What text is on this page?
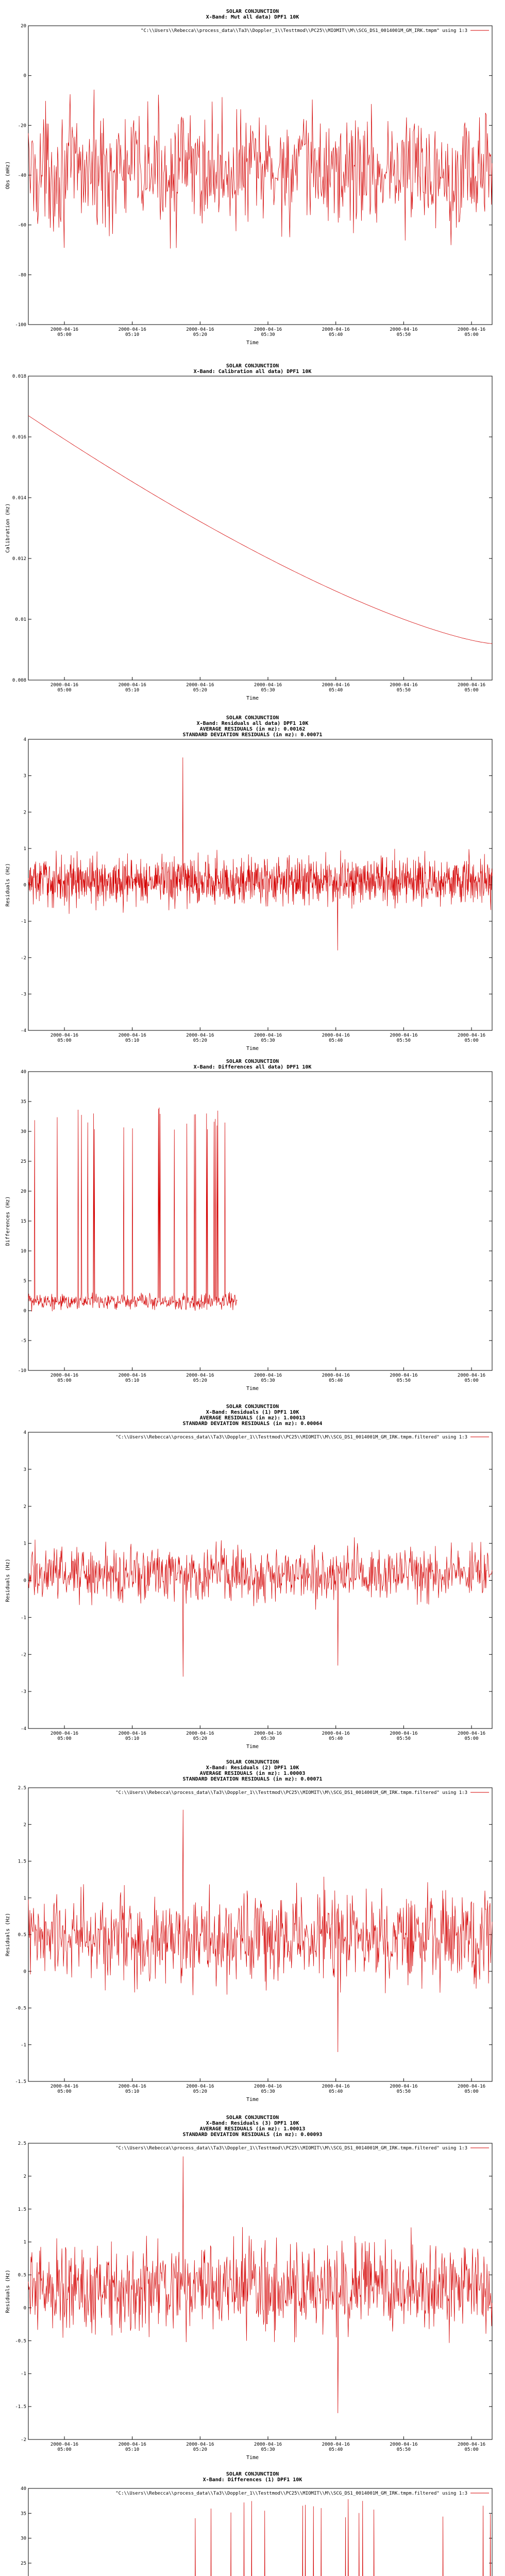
SOLAR CONJUNCTION
X-Band: Mut all data) DPF1 10K
"C:\\Users\\Rebecca\\process_data\\Ta3\\Doppler_1\\Testtmod\\PC25\\MIOMIT\\M\\SCG_DS1_0014001M_GM_IRK.tmpm" using 1:3
20
0
-20
-40
-60
-80
-100
2000-04-16
05:00
2000-04-16
05:10
2000-04-16
05:20
2000-04-16
05:30
2000-04-16
05:40
2000-04-16
05:50
2000-04-16
05:00
Obs (mHz)
Time
SOLAR CONJUNCTION
X-Band: Calibration all data) DPF1 10K
0.018
0.016
0.014
0.012
0.01
0.008
2000-04-16
05:00
2000-04-16
05:10
2000-04-16
05:20
2000-04-16
05:30
2000-04-16
05:40
2000-04-16
05:50
2000-04-16
05:00
Calibration (Hz)
Time
SOLAR CONJUNCTION
X-Band: Residuals all data) DPF1 10K
AVERAGE RESIDUALS (in mz): 0.00162
STANDARD DEVIATION RESIDUALS (in mz): 0.00071
4
3
2
1
0
-1
-2
-3
-4
2000-04-16
05:00
2000-04-16
05:10
2000-04-16
05:20
2000-04-16
05:30
2000-04-16
05:40
2000-04-16
05:50
2000-04-16
05:00
Residuals (Hz)
Time
SOLAR CONJUNCTION
X-Band: Differences all data) DPF1 10K
40
35
30
25
20
15
10
5
0
-5
-10
2000-04-16
05:00
2000-04-16
05:10
2000-04-16
05:20
2000-04-16
05:30
2000-04-16
05:40
2000-04-16
05:50
2000-04-16
05:00
Differences (Hz)
Time
SOLAR CONJUNCTION
X-Band: Residuals (1) DPF1 10K
AVERAGE RESIDUALS (in mz): 1.00013
STANDARD DEVIATION RESIDUALS (in mz): 0.00064
"C:\\Users\\Rebecca\\process_data\\Ta3\\Doppler_1\\Testtmod\\PC25\\MIOMIT\\M\\SCG_DS1_0014001M_GM_IRK.tmpm.filtered" using 1:3
4
3
2
1
0
-1
-2
-3
-4
2000-04-16
05:00
2000-04-16
05:10
2000-04-16
05:20
2000-04-16
05:30
2000-04-16
05:40
2000-04-16
05:50
2000-04-16
05:00
Residuals (Hz)
Time
SOLAR CONJUNCTION
X-Band: Residuals (2) DPF1 10K
AVERAGE RESIDUALS (in mz): 1.00003
STANDARD DEVIATION RESIDUALS (in mz): 0.00071
"C:\\Users\\Rebecca\\process_data\\Ta3\\Doppler_1\\Testtmod\\PC25\\MIOMIT\\M\\SCG_DS1_0014001M_GM_IRK.tmpm.filtered" using 1:3
2.5
2
1.5
1
0.5
0
-0.5
-1
-1.5
2000-04-16
05:00
2000-04-16
05:10
2000-04-16
05:20
2000-04-16
05:30
2000-04-16
05:40
2000-04-16
05:50
2000-04-16
05:00
Residuals (Hz)
Time
SOLAR CONJUNCTION
X-Band: Residuals (3) DPF1 10K
AVERAGE RESIDUALS (in mz): 1.00013
STANDARD DEVIATION RESIDUALS (in mz): 0.00093
"C:\\Users\\Rebecca\\process_data\\Ta3\\Doppler_1\\Testtmod\\PC25\\MIOMIT\\M\\SCG_DS1_0014001M_GM_IRK.tmpm.filtered" using 1:3
2.5
2
1.5
1
0.5
0
-0.5
-1
-1.5
-2
2000-04-16
05:00
2000-04-16
05:10
2000-04-16
05:20
2000-04-16
05:30
2000-04-16
05:40
2000-04-16
05:50
2000-04-16
05:00
Residuals (Hz)
Time
SOLAR CONJUNCTION
X-Band: Differences (1) DPF1 10K
"C:\\Users\\Rebecca\\process_data\\Ta3\\Doppler_1\\Testtmod\\PC25\\MIOMIT\\M\\SCG_DS1_0014001M_GM_IRK.tmpm.filtered" using 1:3
40
35
30
25
